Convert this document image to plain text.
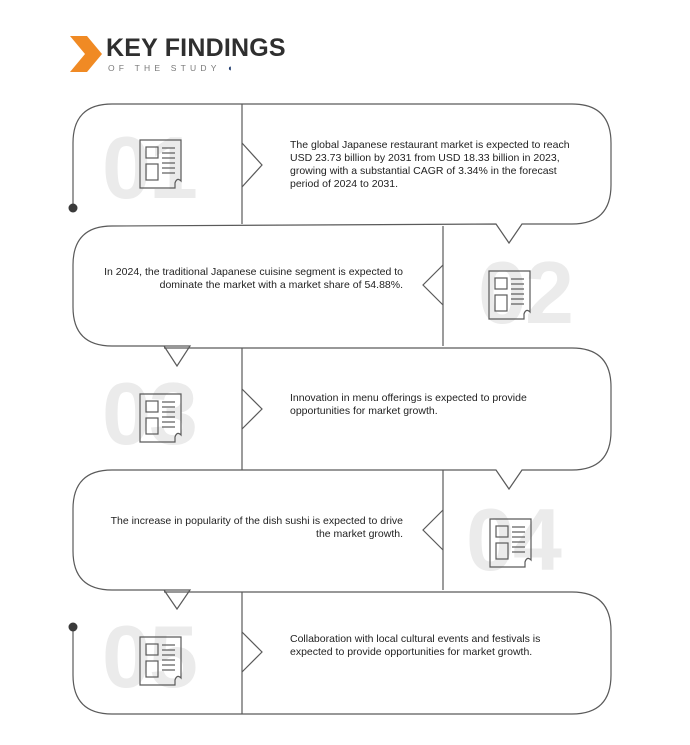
KEY FINDINGS
OF THE STUDY ◖
01	The global Japanese restaurant market is expected to reach USD 23.73 billion by 2031 from USD 18.33 billion in 2023, growing with a substantial CAGR of 3.34% in the forecast period of 2024 to 2031.
02
In 2024, the traditional Japanese cuisine segment is expected to dominate the market with a market share of 54.88%.
03	Innovation in menu offerings is expected to provide opportunities for market growth.
04
The increase in popularity of the dish sushi is expected to drive the market growth.
05	Collaboration with local cultural events and festivals is expected to provide opportunities for market growth.
